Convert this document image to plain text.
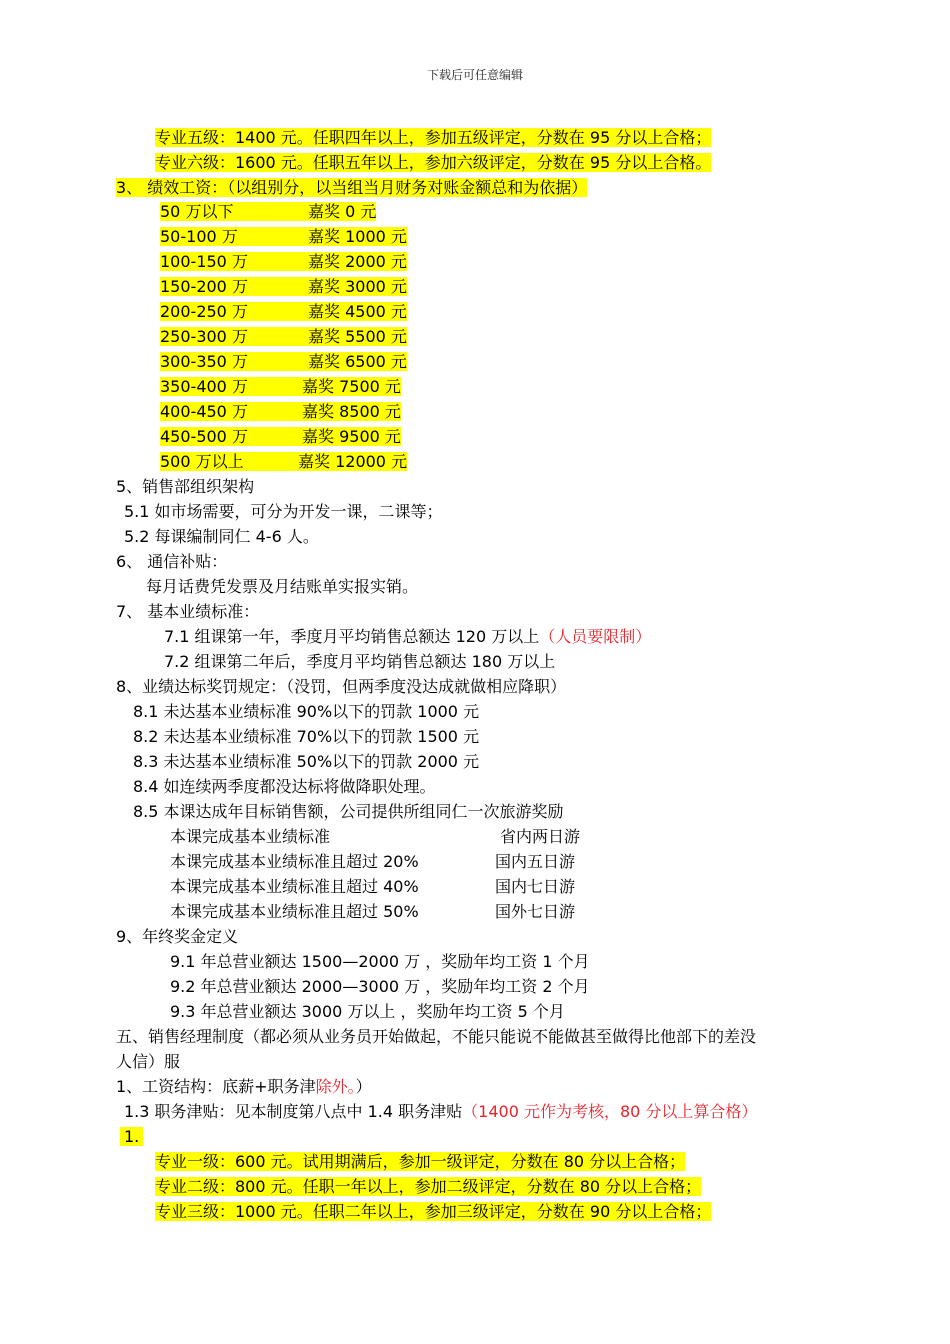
下载后可任意编辑
专业五级：1400 元。任职四年以上，参加五级评定，分数在 95 分以上合格；
专业六级：1600 元。任职五年以上，参加六级评定，分数在 95 分以上合格。
3、 绩效工资：（以组别分，以当组当月财务对账金额总和为依据）
50 万以下	嘉奖 0 元
50-100 万	嘉奖 1000 元
100-150 万	嘉奖 2000 元
150-200 万	嘉奖 3000 元
200-250 万	嘉奖 4500 元
250-300 万	嘉奖 5500 元
300-350 万	嘉奖 6500 元
350-400 万	嘉奖 7500 元
400-450 万	嘉奖 8500 元
450-500 万	嘉奖 9500 元
500 万以上	嘉奖 12000 元
5、销售部组织架构
5.1 如市场需要，可分为开发一课，二课等；
5.2 每课编制同仁 4-6 人。
6、 通信补贴：
每月话费凭发票及月结账单实报实销。
7、 基本业绩标准：
7.1 组课第一年，季度月平均销售总额达 120 万以上（人员要限制）
7.2 组课第二年后，季度月平均销售总额达 180 万以上
8、业绩达标奖罚规定：（没罚，但两季度没达成就做相应降职）
8.1 未达基本业绩标准 90%以下的罚款 1000 元
8.2 未达基本业绩标准 70%以下的罚款 1500 元
8.3 未达基本业绩标准 50%以下的罚款 2000 元
8.4 如连续两季度都没达标将做降职处理。
8.5 本课达成年目标销售额，公司提供所组同仁一次旅游奖励
本课完成基本业绩标准	省内两日游
本课完成基本业绩标准且超过 20%	国内五日游
本课完成基本业绩标准且超过 40%	国内七日游
本课完成基本业绩标准且超过 50%	国外七日游
9、年终奖金定义
9.1 年总营业额达 1500—2000 万 ，奖励年均工资 1 个月
9.2 年总营业额达 2000—3000 万 ，奖励年均工资 2 个月
9.3 年总营业额达 3000 万以上 ，奖励年均工资 5 个月
五、销售经理制度（都必须从业务员开始做起，不能只能说不能做甚至做得比他部下的差没
人信）服
1、工资结构：底薪+职务津除外。）
1.3 职务津贴：见本制度第八点中 1.4 职务津贴（1400 元作为考核，80 分以上算合格）
1.
专业一级：600 元。试用期满后，参加一级评定，分数在 80 分以上合格；
专业二级：800 元。任职一年以上，参加二级评定，分数在 80 分以上合格；
专业三级：1000 元。任职二年以上，参加三级评定，分数在 90 分以上合格；
